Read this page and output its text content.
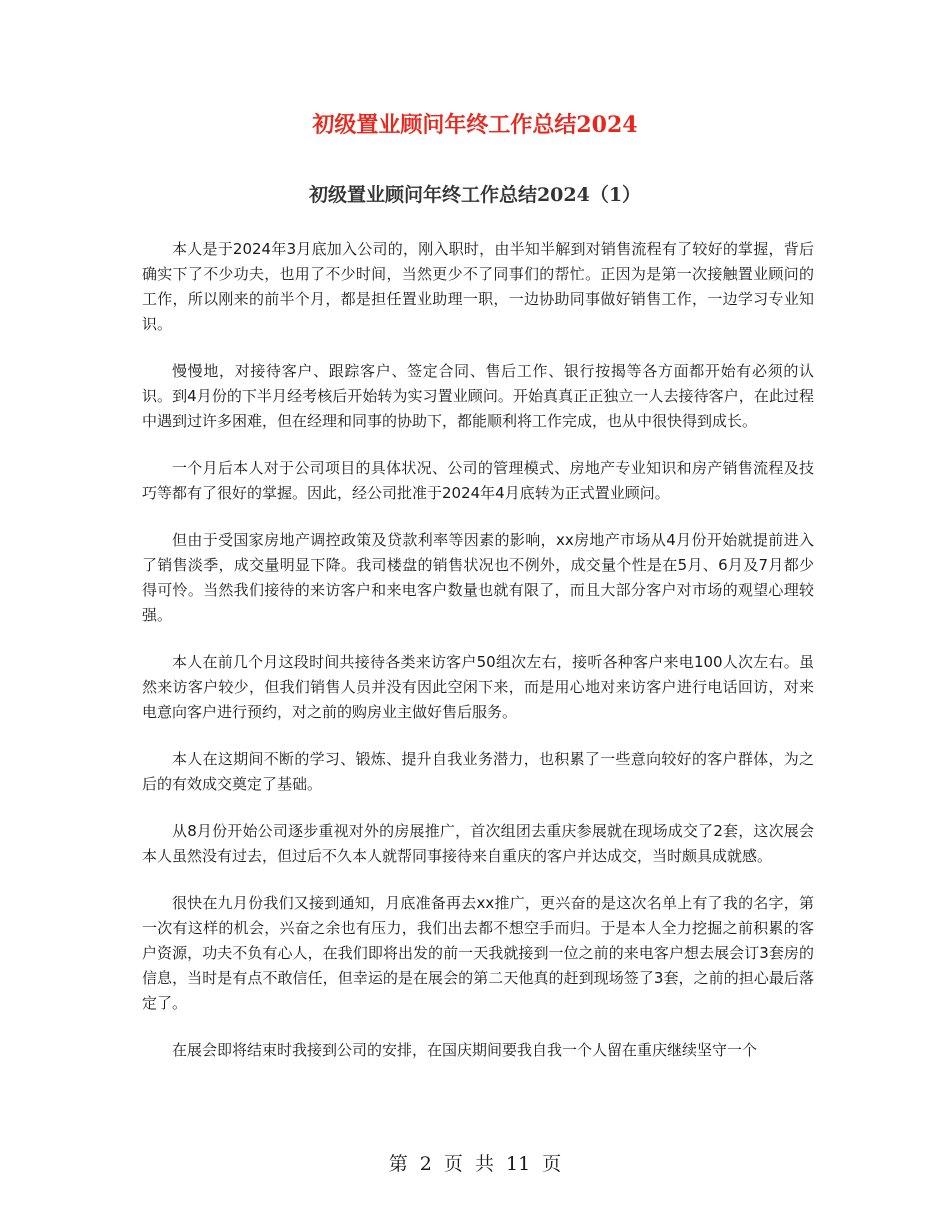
初级置业顾问年终工作总结2024
初级置业顾问年终工作总结2024（1）

本人是于2024年3月底加入公司的，刚入职时，由半知半解到对销售流程有了较好的掌握，背后确实下了不少功夫，也用了不少时间，当然更少不了同事们的帮忙。正因为是第一次接触置业顾问的工作，所以刚来的前半个月，都是担任置业助理一职，一边协助同事做好销售工作，一边学习专业知识。

慢慢地，对接待客户、跟踪客户、签定合同、售后工作、银行按揭等各方面都开始有必须的认识。到4月份的下半月经考核后开始转为实习置业顾问。开始真真正正独立一人去接待客户，在此过程中遇到过许多困难，但在经理和同事的协助下，都能顺利将工作完成，也从中很快得到成长。

一个月后本人对于公司项目的具体状况、公司的管理模式、房地产专业知识和房产销售流程及技巧等都有了很好的掌握。因此，经公司批准于2024年4月底转为正式置业顾问。

但由于受国家房地产调控政策及贷款利率等因素的影响，xx房地产市场从4月份开始就提前进入了销售淡季，成交量明显下降。我司楼盘的销售状况也不例外，成交量个性是在5月、6月及7月都少得可怜。当然我们接待的来访客户和来电客户数量也就有限了，而且大部分客户对市场的观望心理较强。

本人在前几个月这段时间共接待各类来访客户50组次左右，接听各种客户来电100人次左右。虽然来访客户较少，但我们销售人员并没有因此空闲下来，而是用心地对来访客户进行电话回访，对来电意向客户进行预约，对之前的购房业主做好售后服务。

本人在这期间不断的学习、锻炼、提升自我业务潜力，也积累了一些意向较好的客户群体，为之后的有效成交奠定了基础。

从8月份开始公司逐步重视对外的房展推广，首次组团去重庆参展就在现场成交了2套，这次展会本人虽然没有过去，但过后不久本人就帮同事接待来自重庆的客户并达成交，当时颇具成就感。

很快在九月份我们又接到通知，月底准备再去xx推广，更兴奋的是这次名单上有了我的名字，第一次有这样的机会，兴奋之余也有压力，我们出去都不想空手而归。于是本人全力挖掘之前积累的客户资源，功夫不负有心人，在我们即将出发的前一天我就接到一位之前的来电客户想去展会订3套房的信息，当时是有点不敢信任，但幸运的是在展会的第二天他真的赶到现场签了3套，之前的担心最后落定了。

在展会即将结束时我接到公司的安排，在国庆期间要我自我一个人留在重庆继续坚守一个

第 2 页 共 11 页
